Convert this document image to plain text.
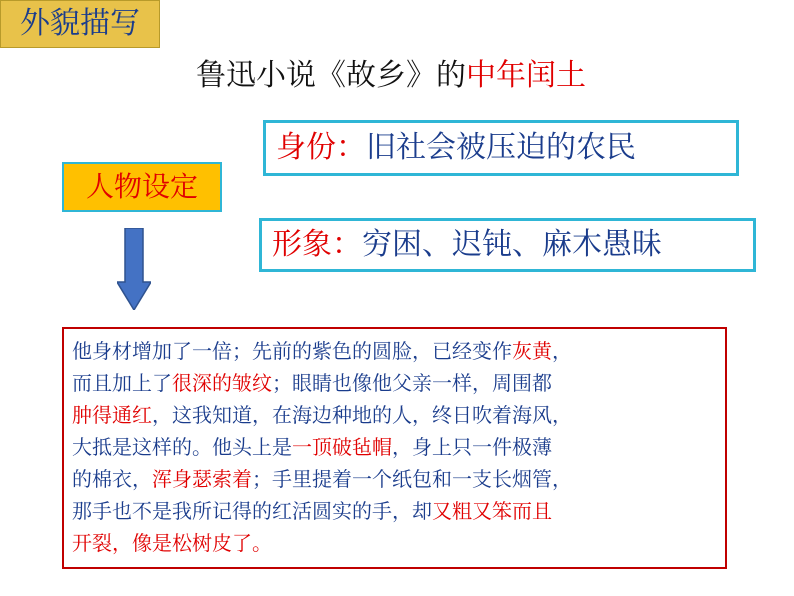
外貌描写
鲁迅小说《故乡》的中年闰土
身份： 旧社会被压迫的农民
人物设定
形象： 穷困、迟钝、麻木愚昧
他身材增加了一倍；先前的紫色的圆脸，已经变作灰黄，
而且加上了很深的皱纹；眼睛也像他父亲一样，周围都
肿得通红，这我知道，在海边种地的人，终日吹着海风，
大抵是这样的。他头上是一顶破毡帽，身上只一件极薄
的棉衣，浑身瑟索着；手里提着一个纸包和一支长烟管，
那手也不是我所记得的红活圆实的手，却又粗又笨而且
开裂，像是松树皮了。
